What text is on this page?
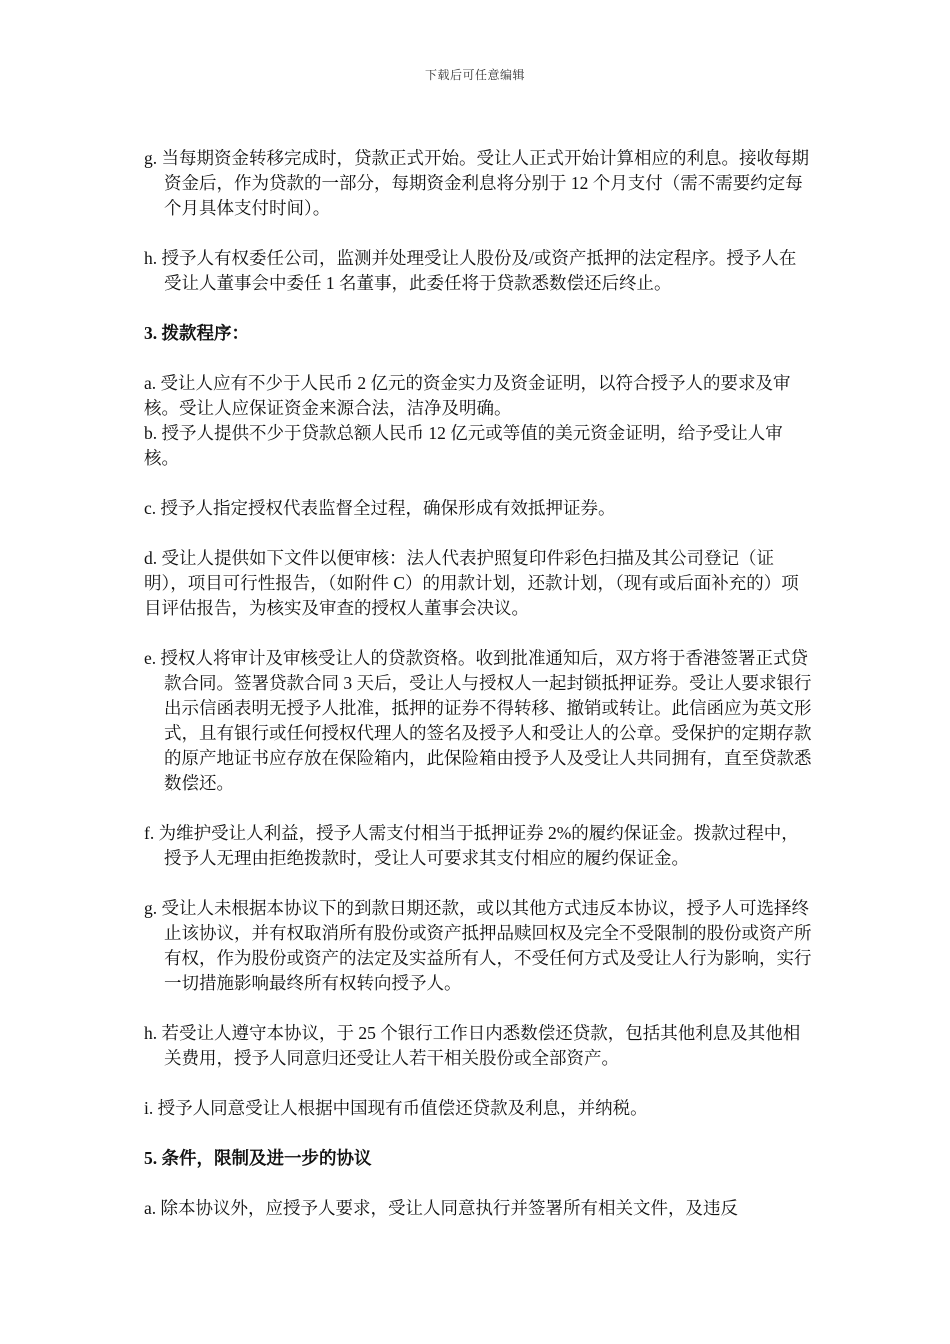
下载后可任意编辑

g. 当每期资金转移完成时，贷款正式开始。受让人正式开始计算相应的利息。接收每期资金后，作为贷款的一部分，每期资金利息将分别于 12 个月支付（需不需要约定每个月具体支付时间）。

h. 授予人有权委任公司，监测并处理受让人股份及/或资产抵押的法定程序。授予人在受让人董事会中委任 1 名董事，此委任将于贷款悉数偿还后终止。

3. 拨款程序：

a. 受让人应有不少于人民币 2 亿元的资金实力及资金证明，以符合授予人的要求及审核。受让人应保证资金来源合法，洁净及明确。

b. 授予人提供不少于贷款总额人民币 12 亿元或等值的美元资金证明，给予受让人审核。

c. 授予人指定授权代表监督全过程，确保形成有效抵押证券。

d. 受让人提供如下文件以便审核：法人代表护照复印件彩色扫描及其公司登记（证明），项目可行性报告，（如附件 C）的用款计划，还款计划，（现有或后面补充的）项目评估报告，为核实及审查的授权人董事会决议。

e. 授权人将审计及审核受让人的贷款资格。收到批准通知后，双方将于香港签署正式贷款合同。签署贷款合同 3 天后，受让人与授权人一起封锁抵押证券。受让人要求银行出示信函表明无授予人批准，抵押的证券不得转移、撤销或转让。此信函应为英文形式，且有银行或任何授权代理人的签名及授予人和受让人的公章。受保护的定期存款的原产地证书应存放在保险箱内，此保险箱由授予人及受让人共同拥有，直至贷款悉数偿还。

f. 为维护受让人利益，授予人需支付相当于抵押证券 2%的履约保证金。拨款过程中，授予人无理由拒绝拨款时，受让人可要求其支付相应的履约保证金。

g. 受让人未根据本协议下的到款日期还款，或以其他方式违反本协议，授予人可选择终止该协议，并有权取消所有股份或资产抵押品赎回权及完全不受限制的股份或资产所有权，作为股份或资产的法定及实益所有人，不受任何方式及受让人行为影响，实行一切措施影响最终所有权转向授予人。

h. 若受让人遵守本协议，于 25 个银行工作日内悉数偿还贷款，包括其他利息及其他相关费用，授予人同意归还受让人若干相关股份或全部资产。

i. 授予人同意受让人根据中国现有币值偿还贷款及利息，并纳税。

5. 条件，限制及进一步的协议

a. 除本协议外，应授予人要求，受让人同意执行并签署所有相关文件，及违反
